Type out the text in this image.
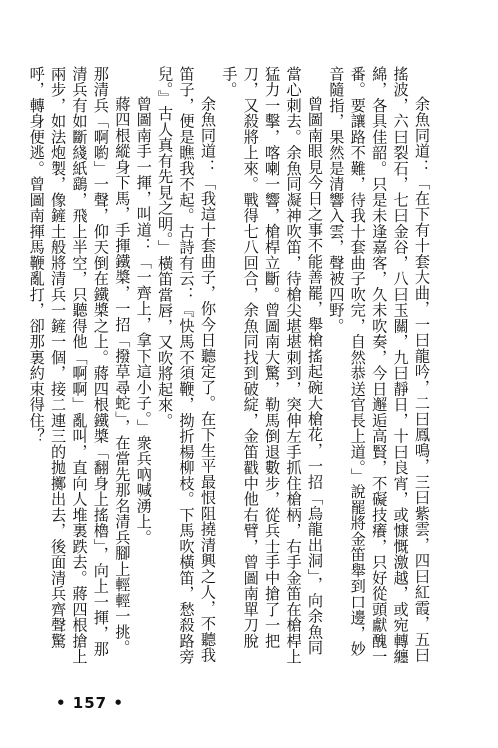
余魚同道：「在下有十套大曲，一曰龍吟，二曰鳳鳴，三曰紫雲，四曰紅霞，五曰搖波，六曰裂石，七曰金谷，八曰玉關，九曰靜日，十曰良宵，或慷慨激越，或宛轉纏綿，各具佳韶。只是未逢嘉客，久未吹奏，今日邂逅高賢，不礙技癢，只好從頭獻醜一番。要讓路不難，待我十套曲子吹完，自然恭送官長上道。」說罷將金笛舉到口邊，妙音隨指，果然是清響入雲，聲被四野。

曾圖南眼見今日之事不能善罷，舉槍搖起碗大槍花，一招「烏龍出洞」，向余魚同當心刺去。余魚同凝神吹笛，待槍尖堪堪刺到，突伸左手抓住槍柄，右手金笛在槍桿上猛力一擊，喀喇一響，槍桿立斷。曾圖南大驚，勒馬倒退數步，從兵士手中搶了一把刀，又殺將上來。戰得七八回合，余魚同找到破綻，金笛戳中他右臂，曾圖南單刀脫手。

余魚同道：「我這十套曲子，你今日聽定了。在下生平最恨阻撓清興之人，不聽我笛子，便是瞧我不起。古詩有云：『快馬不須鞭，拗折楊柳枝。下馬吹橫笛，愁殺路旁兒。』古人真有先見之明。」橫笛當唇，又吹將起來。

曾圖南手一揮，叫道：「一齊上，拿下這小子。」衆兵吶喊湧上。

蔣四根縱身下馬，手揮鐵槳，一招「撥草尋蛇」，在當先那名清兵腳上輕輕一挑。那清兵「啊喲」一聲，仰天倒在鐵槳之上。蔣四根鐵槳「翻身上搖櫓」，向上一揮，那清兵有如斷綫紙鷂，飛上半空，只聽得他「啊啊」亂叫，直向人堆裏跌去。蔣四根搶上兩步，如法炮製，像鏟土般將清兵一鏟一個，接二連三的拋擲出去，後面清兵齊聲驚呼，轉身便逃。曾圖南揮馬鞭亂打，卻那裏約束得住？

• 157 •
